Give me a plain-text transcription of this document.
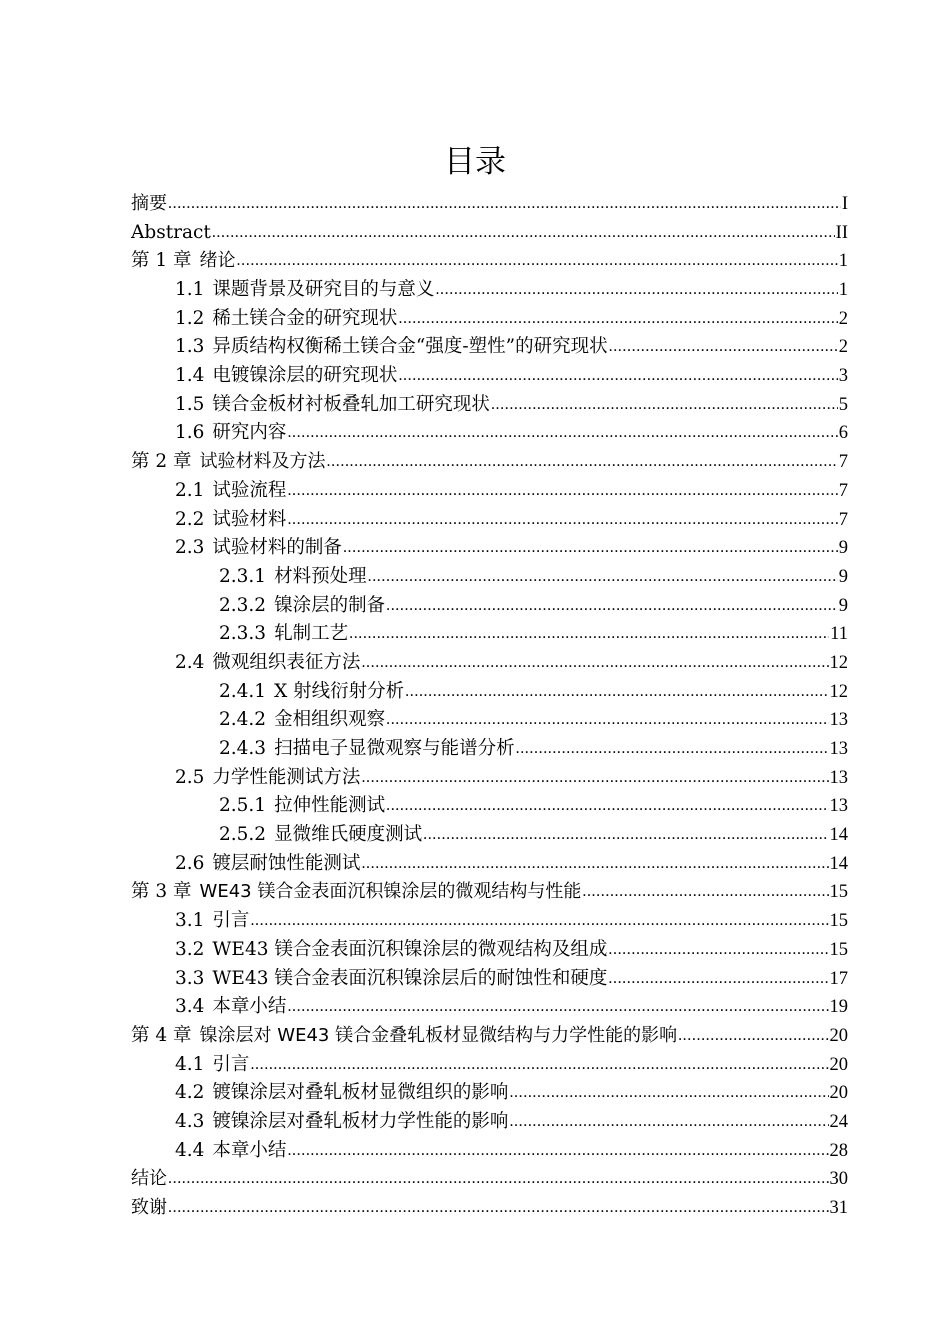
目录
摘要 .....	I
Abstract .....	II
第 1 章 绪论 .....	1
1.1 课题背景及研究目的与意义 .....	1
1.2 稀土镁合金的研究现状 .....	2
1.3 异质结构权衡稀土镁合金“强度-塑性”的研究现状 .....	2
1.4 电镀镍涂层的研究现状 .....	3
1.5 镁合金板材衬板叠轧加工研究现状 .....	5
1.6 研究内容 .....	6
第 2 章 试验材料及方法 .....	7
2.1 试验流程 .....	7
2.2 试验材料 .....	7
2.3 试验材料的制备 .....	9
2.3.1 材料预处理 .....	9
2.3.2 镍涂层的制备 .....	9
2.3.3 轧制工艺 .....	11
2.4 微观组织表征方法 .....	12
2.4.1 X 射线衍射分析 .....	12
2.4.2 金相组织观察 .....	13
2.4.3 扫描电子显微观察与能谱分析 .....	13
2.5 力学性能测试方法 .....	13
2.5.1 拉伸性能测试 .....	13
2.5.2 显微维氏硬度测试 .....	14
2.6 镀层耐蚀性能测试 .....	14
第 3 章 WE43 镁合金表面沉积镍涂层的微观结构与性能 .....	15
3.1 引言 .....	15
3.2 WE43 镁合金表面沉积镍涂层的微观结构及组成 .....	15
3.3 WE43 镁合金表面沉积镍涂层后的耐蚀性和硬度 .....	17
3.4 本章小结 .....	19
第 4 章 镍涂层对 WE43 镁合金叠轧板材显微结构与力学性能的影响 .....	20
4.1 引言 .....	20
4.2 镀镍涂层对叠轧板材显微组织的影响 .....	20
4.3 镀镍涂层对叠轧板材力学性能的影响 .....	24
4.4 本章小结 .....	28
结论 .....	30
致谢 .....	31
